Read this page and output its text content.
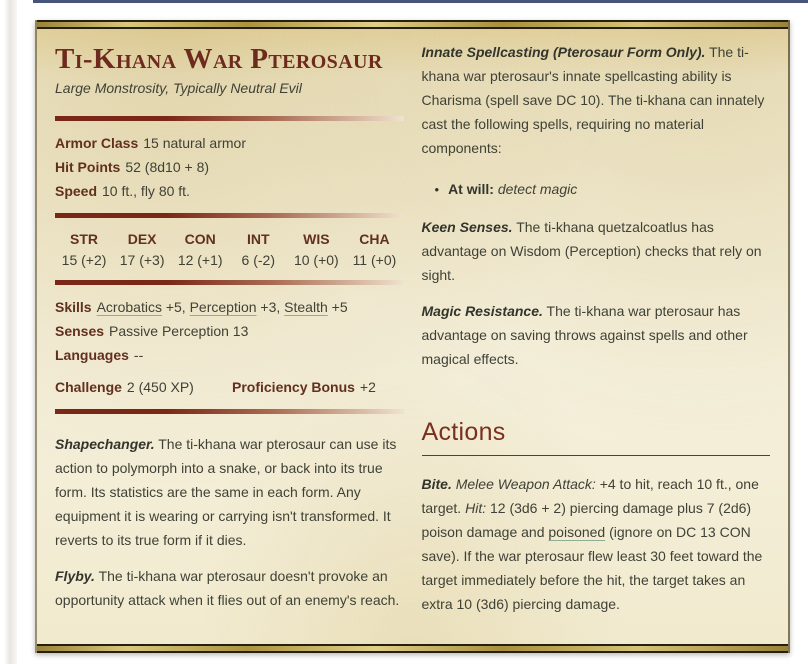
Ti-Khana War Pterosaur
Large Monstrosity, Typically Neutral Evil
Armor Class 15 natural armor
Hit Points 52 (8d10 + 8)
Speed 10 ft., fly 80 ft.
STR
15 (+2)
DEX
17 (+3)
CON
12 (+1)
INT
6 (-2)
WIS
10 (+0)
CHA
11 (+0)
Skills Acrobatics +5, Perception +3, Stealth +5
Senses Passive Perception 13
Languages --
Challenge 2 (450 XP)	Proficiency Bonus +2

Shapechanger. The ti-khana war pterosaur can use its action to polymorph into a snake, or back into its true form. Its statistics are the same in each form. Any equipment it is wearing or carrying isn't transformed. It reverts to its true form if it dies.

Flyby. The ti-khana war pterosaur doesn't provoke an opportunity attack when it flies out of an enemy's reach.

Innate Spellcasting (Pterosaur Form Only). The ti-khana war pterosaur's innate spellcasting ability is Charisma (spell save DC 10). The ti-khana can innately cast the following spells, requiring no material components:

• At will: detect magic

Keen Senses. The ti-khana quetzalcoatlus has advantage on Wisdom (Perception) checks that rely on sight.

Magic Resistance. The ti-khana war pterosaur has advantage on saving throws against spells and other magical effects.

Actions

Bite. Melee Weapon Attack: +4 to hit, reach 10 ft., one target. Hit: 12 (3d6 + 2) piercing damage plus 7 (2d6) poison damage and poisoned (ignore on DC 13 CON save). If the war pterosaur flew least 30 feet toward the target immediately before the hit, the target takes an extra 10 (3d6) piercing damage.
